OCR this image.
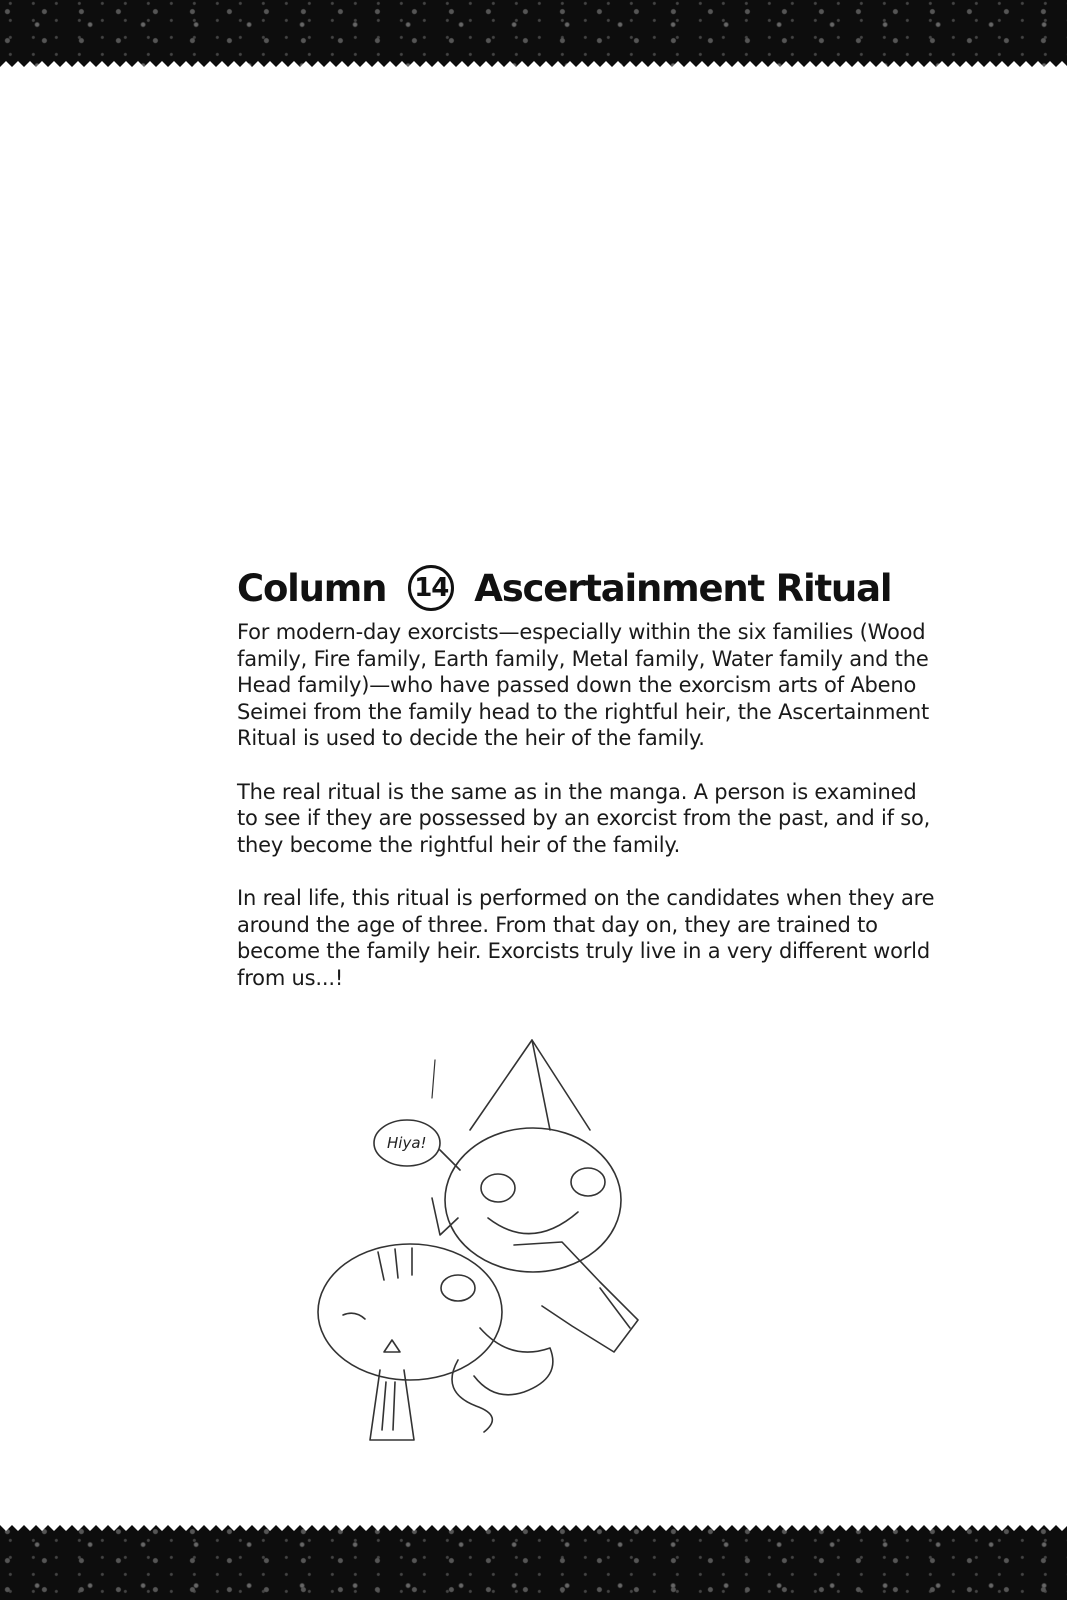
Column 14 Ascertainment Ritual

For modern-day exorcists—especially within the six families (Wood family, Fire family, Earth family, Metal family, Water family and the Head family)—who have passed down the exorcism arts of Abeno Seimei from the family head to the rightful heir, the Ascertainment Ritual is used to decide the heir of the family.

The real ritual is the same as in the manga. A person is examined to see if they are possessed by an exorcist from the past, and if so, they become the rightful heir of the family.

In real life, this ritual is performed on the candidates when they are around the age of three. From that day on, they are trained to become the family heir. Exorcists truly live in a very different world from us...!

Hiya!
